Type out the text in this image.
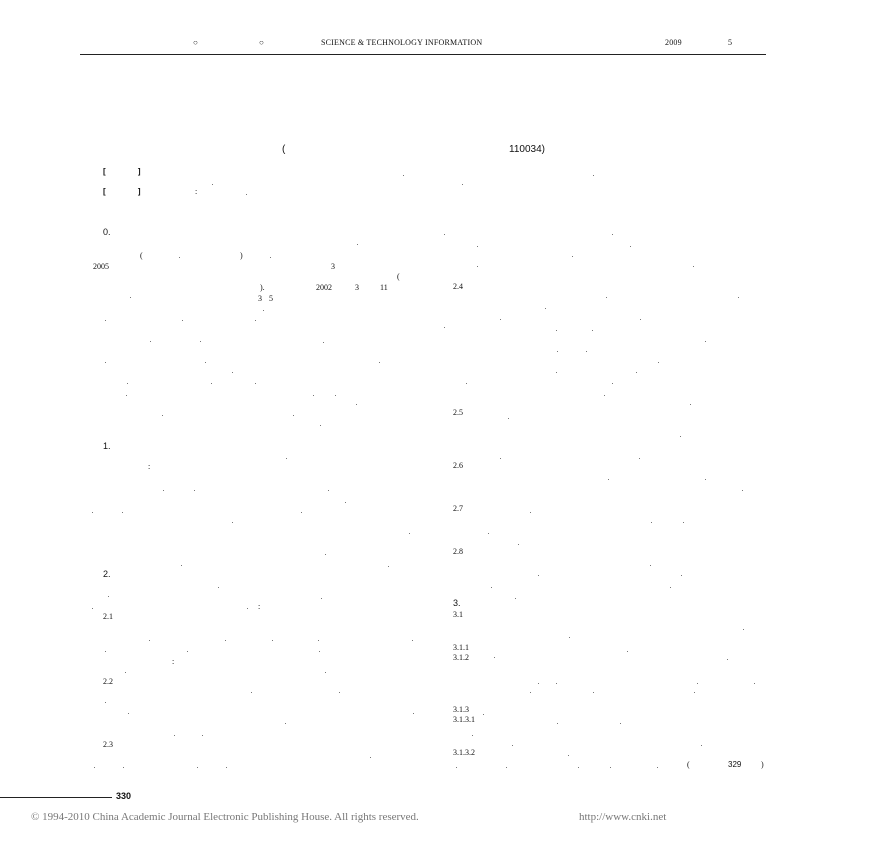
○	○	SCIENCE & TECHNOLOGY INFORMATION	2009	5
(	110034)
[ ]
[ ]	:
0.
(	)
2005	3
(
).	2002	3	11
3 5
1.
:
2.
:
2.1
:
2.2
2.3
2.4
2.5
2.6
2.7
2.8
3.
3.1
3.1.1
3.1.2
3.1.3
3.1.3.1
3.1.3.2
(	329 )
330
© 1994-2010 China Academic Journal Electronic Publishing House. All rights reserved.	http://www.cnki.net
